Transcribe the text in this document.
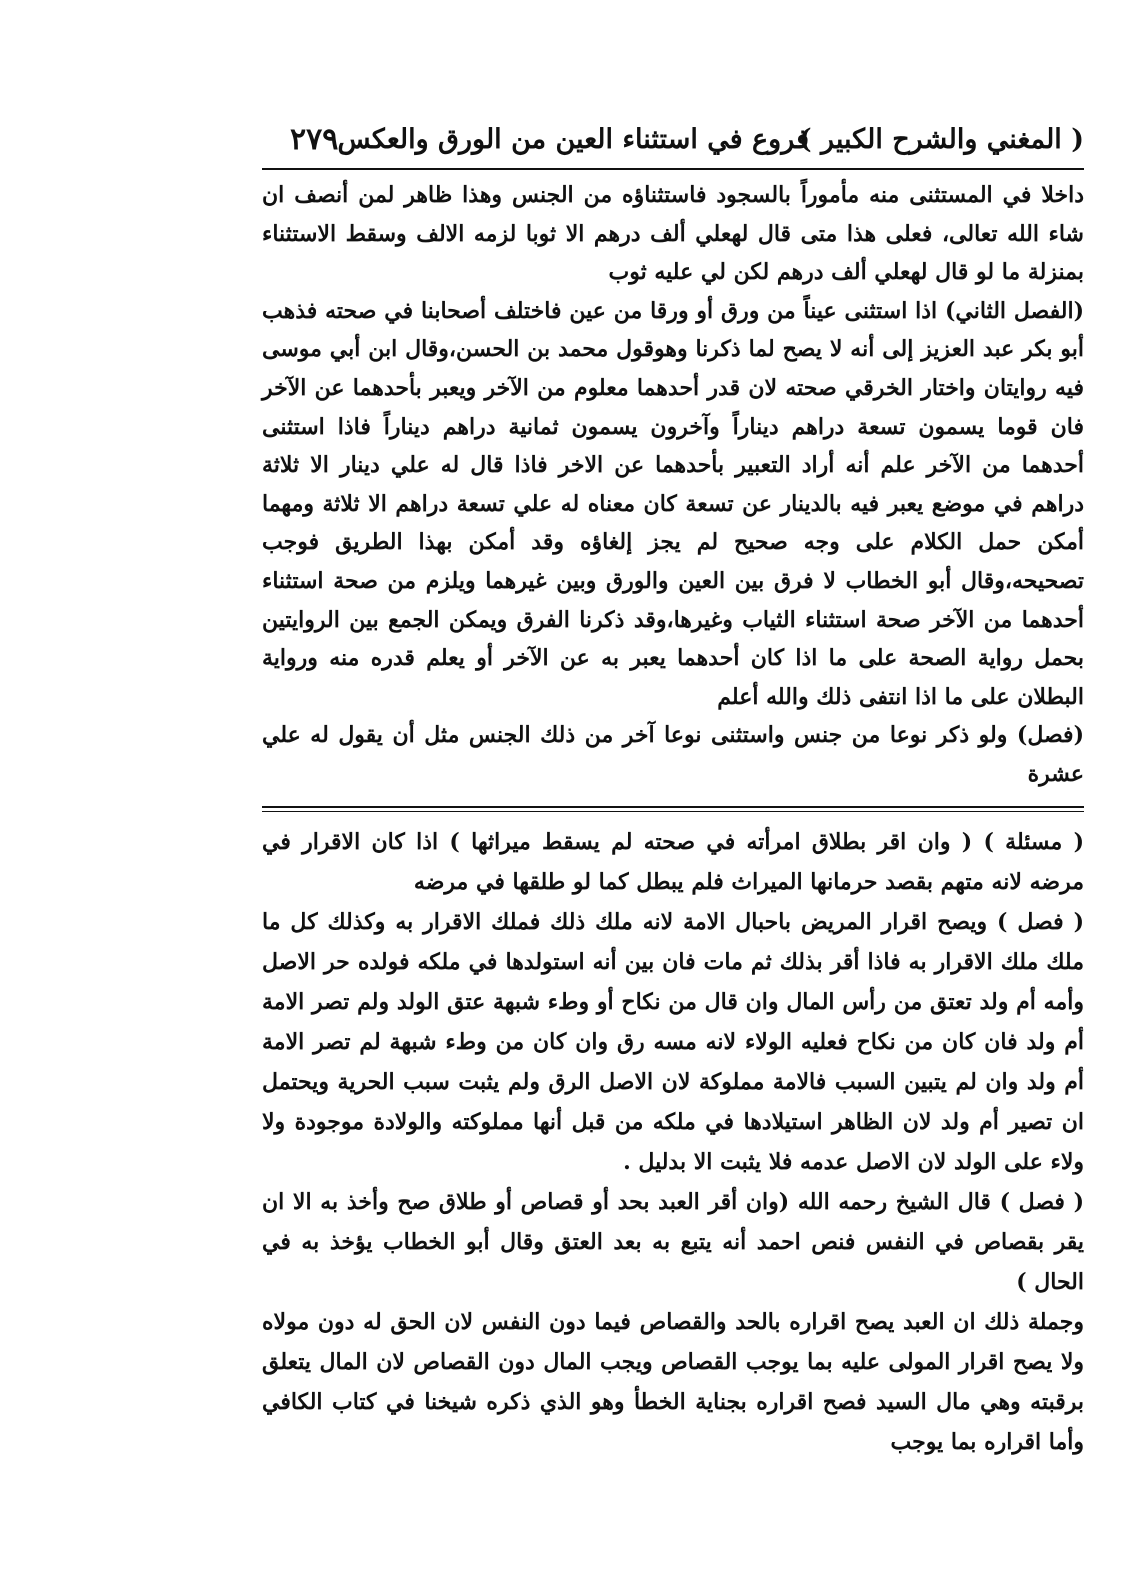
( المغني والشرح الكبير )
فروع في استثناء العين من الورق والعكس
٢٧٩

داخلا في المستثنى منه مأموراً بالسجود فاستثناؤه من الجنس وهذا ظاهر لمن أنصف ان شاء الله تعالى، فعلى هذا متى قال لهعلي ألف درهم الا ثوبا لزمه الالف وسقط الاستثناء بمنزلة ما لو قال لهعلي ألف درهم لكن لي عليه ثوب

(الفصل الثاني) اذا استثنى عيناً من ورق أو ورقا من عين فاختلف أصحابنا في صحته فذهب أبو بكر عبد العزيز إلى أنه لا يصح لما ذكرنا وهوقول محمد بن الحسن،وقال ابن أبي موسى فيه روايتان واختار الخرقي صحته لان قدر أحدهما معلوم من الآخر ويعبر بأحدهما عن الآخر فان قوما يسمون تسعة دراهم ديناراً وآخرون يسمون ثمانية دراهم ديناراً فاذا استثنى أحدهما من الآخر علم أنه أراد التعبير بأحدهما عن الاخر فاذا قال له علي دينار الا ثلاثة دراهم في موضع يعبر فيه بالدينار عن تسعة كان معناه له علي تسعة دراهم الا ثلاثة ومهما أمكن حمل الكلام على وجه صحيح لم يجز إلغاؤه وقد أمكن بهذا الطريق فوجب تصحيحه،وقال أبو الخطاب لا فرق بين العين والورق وبين غيرهما ويلزم من صحة استثناء أحدهما من الآخر صحة استثناء الثياب وغيرها،وقد ذكرنا الفرق ويمكن الجمع بين الروايتين بحمل رواية الصحة على ما اذا كان أحدهما يعبر به عن الآخر أو يعلم قدره منه ورواية البطلان على ما اذا انتفى ذلك والله أعلم

(فصل) ولو ذكر نوعا من جنس واستثنى نوعا آخر من ذلك الجنس مثل أن يقول له علي عشرة

( مسئلة ) ( وان اقر بطلاق امرأته في صحته لم يسقط ميراثها ) اذا كان الاقرار في مرضه لانه متهم بقصد حرمانها الميراث فلم يبطل كما لو طلقها في مرضه

( فصل ) ويصح اقرار المريض باحبال الامة لانه ملك ذلك فملك الاقرار به وكذلك كل ما ملك ملك الاقرار به فاذا أقر بذلك ثم مات فان بين أنه استولدها في ملكه فولده حر الاصل وأمه أم ولد تعتق من رأس المال وان قال من نكاح أو وطء شبهة عتق الولد ولم تصر الامة أم ولد فان كان من نكاح فعليه الولاء لانه مسه رق وان كان من وطء شبهة لم تصر الامة أم ولد وان لم يتبين السبب فالامة مملوكة لان الاصل الرق ولم يثبت سبب الحرية ويحتمل ان تصير أم ولد لان الظاهر استيلادها في ملكه من قبل أنها مملوكته والولادة موجودة ولا ولاء على الولد لان الاصل عدمه فلا يثبت الا بدليل .

( فصل ) قال الشيخ رحمه الله (وان أقر العبد بحد أو قصاص أو طلاق صح وأخذ به الا ان يقر بقصاص في النفس فنص احمد أنه يتبع به بعد العتق وقال أبو الخطاب يؤخذ به في الحال )

وجملة ذلك ان العبد يصح اقراره بالحد والقصاص فيما دون النفس لان الحق له دون مولاه ولا يصح اقرار المولى عليه بما يوجب القصاص ويجب المال دون القصاص لان المال يتعلق برقبته وهي مال السيد فصح اقراره بجناية الخطأ وهو الذي ذكره شيخنا في كتاب الكافي وأما اقراره بما يوجب
